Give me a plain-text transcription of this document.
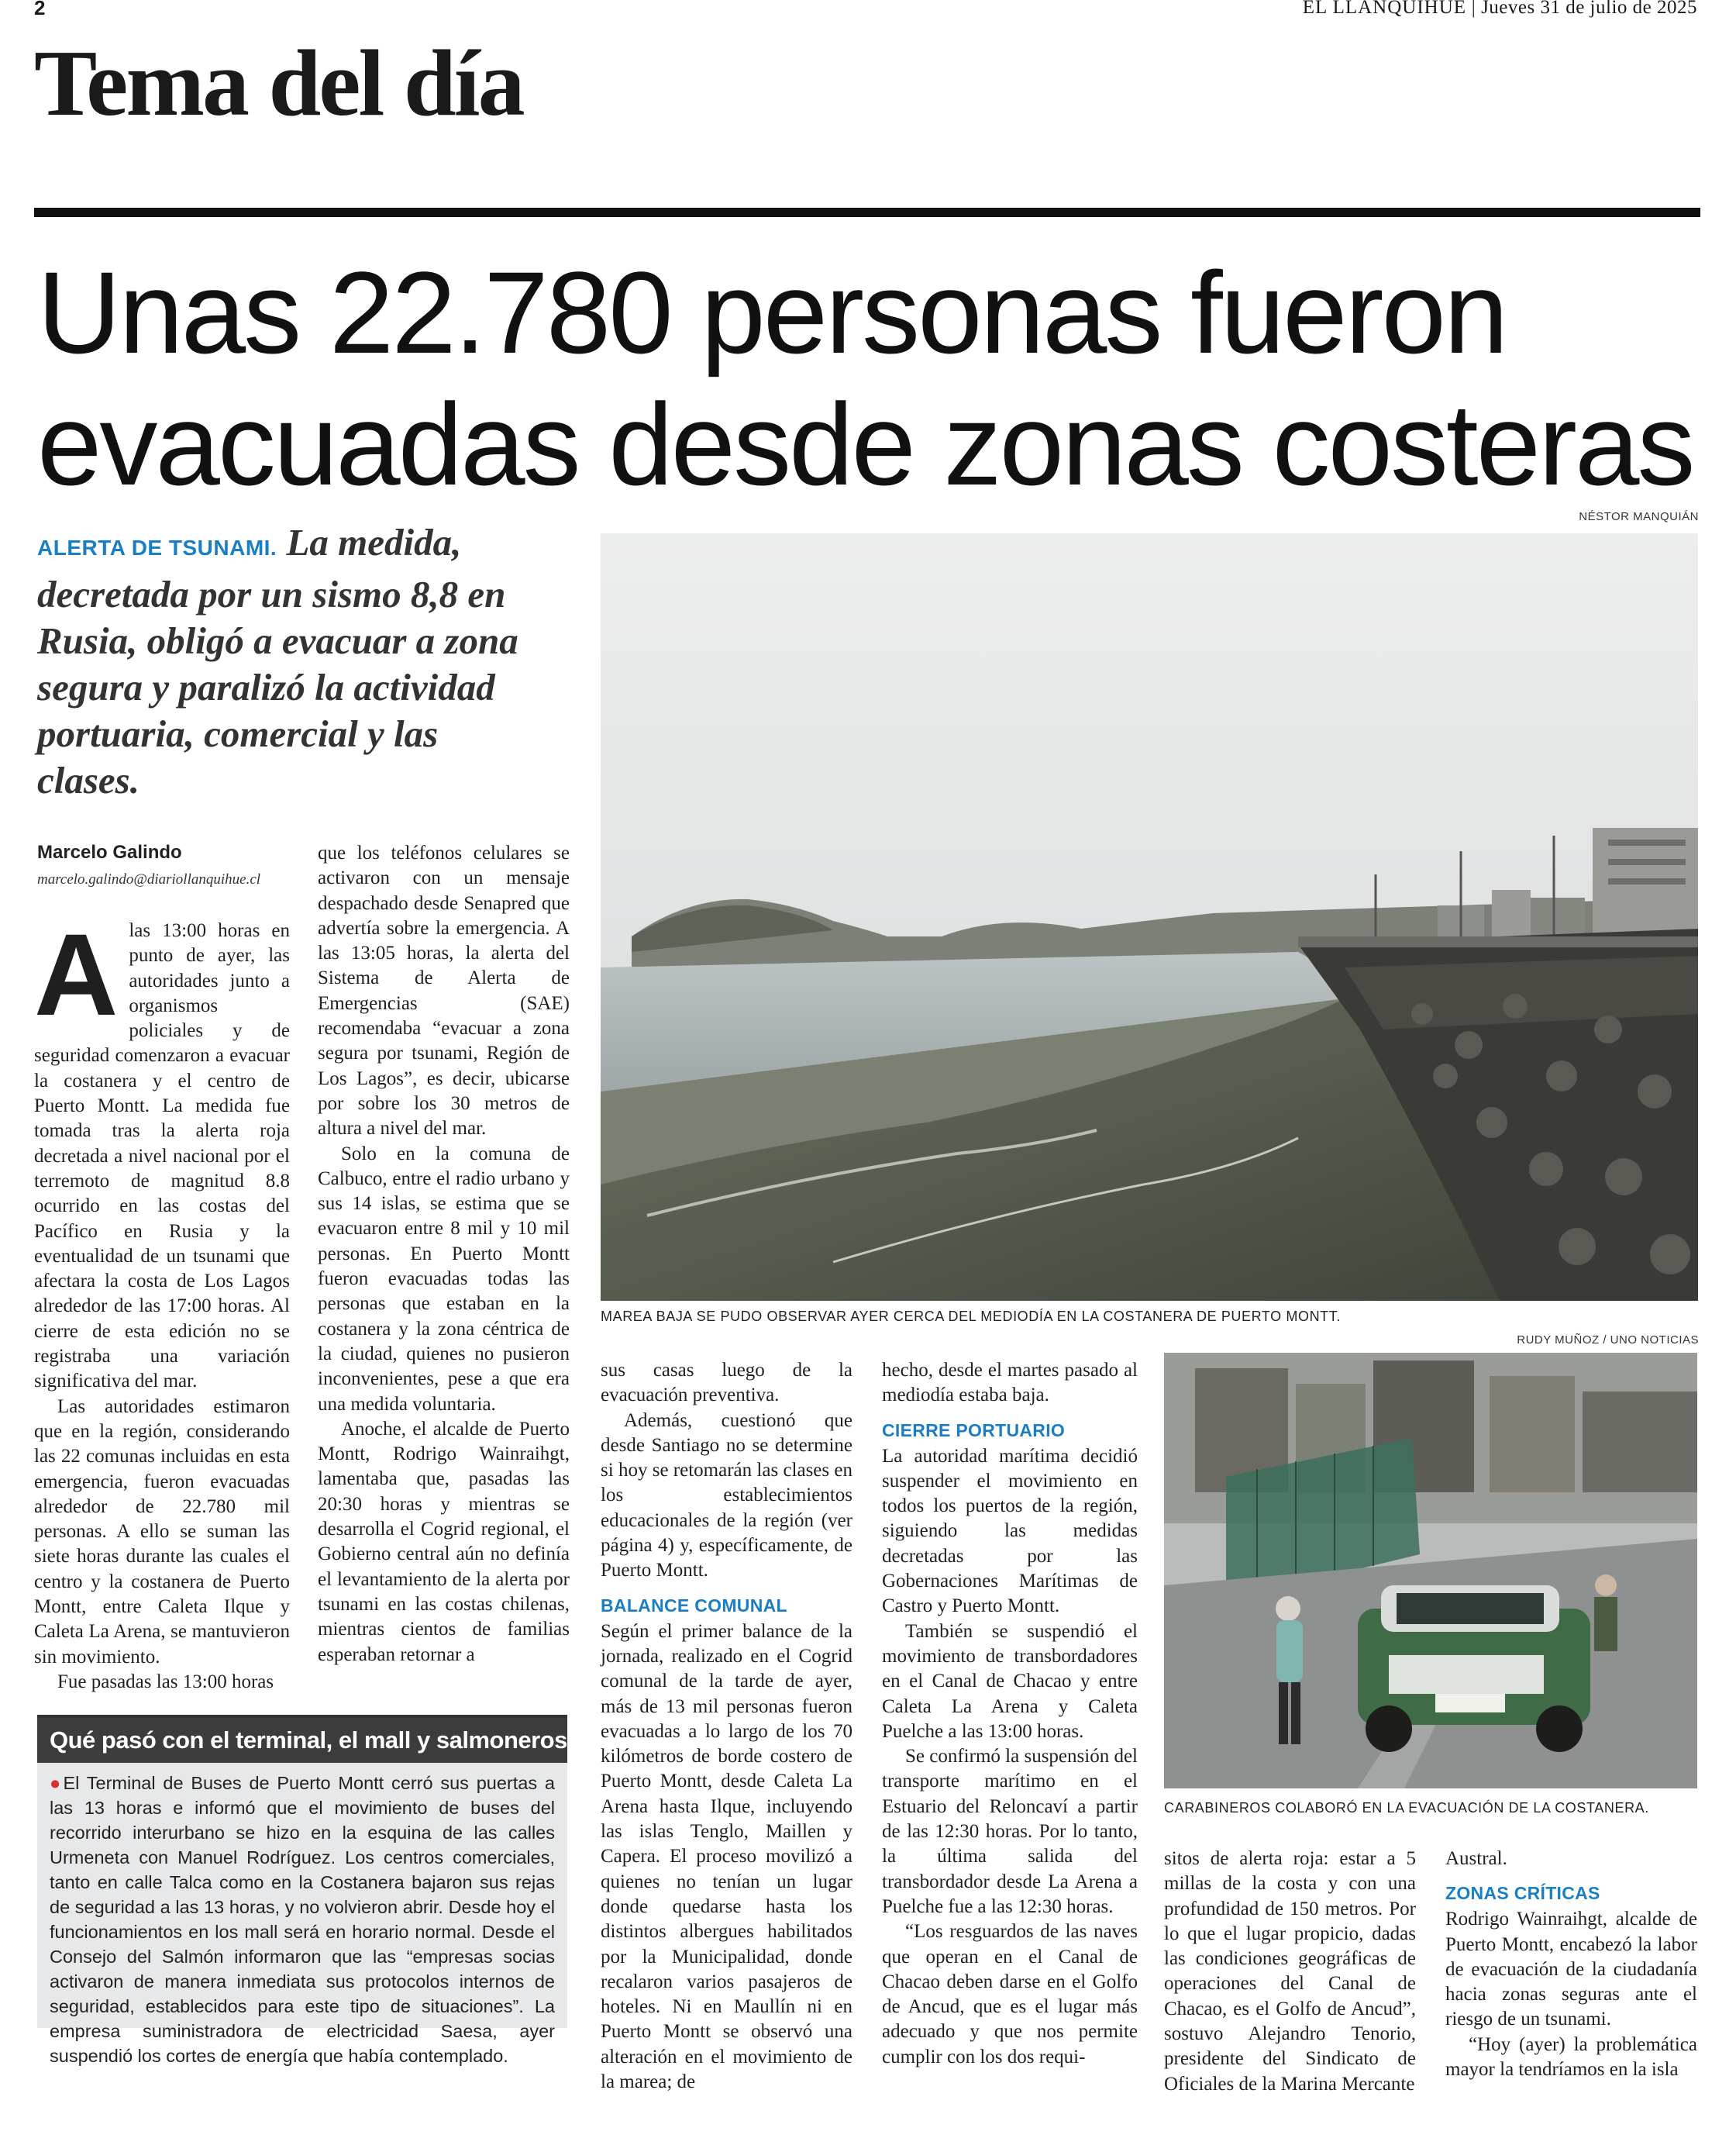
2	EL LLANQUIHUE | Jueves 31 de julio de 2025
Tema del día
Unas 22.780 personas fueron
evacuadas desde zonas costeras
ALERTA DE TSUNAMI. La medida, decretada por un sismo 8,8 en Rusia, obligó a evacuar a zona segura y paralizó la actividad portuaria, comercial y las clases.
Marcelo Galindo
marcelo.galindo@diariollanquihue.cl
NÉSTOR MANQUIÁN
MAREA BAJA SE PUDO OBSERVAR AYER CERCA DEL MEDIODÍA EN LA COSTANERA DE PUERTO MONTT.
RUDY MUÑOZ / UNO NOTICIAS
CARABINEROS COLABORÓ EN LA EVACUACIÓN DE LA COSTANERA.

Alas 13:00 horas en punto de ayer, las autoridades junto a organismos policiales y de seguridad comenzaron a evacuar la costanera y el centro de Puerto Montt. La medida fue tomada tras la alerta roja decretada a nivel nacional por el terremoto de magnitud 8.8 ocurrido en las costas del Pacífico en Rusia y la eventualidad de un tsunami que afectara la costa de Los Lagos alrededor de las 17:00 horas. Al cierre de esta edición no se registraba una variación significativa del mar.

Las autoridades estimaron que en la región, considerando las 22 comunas incluidas en esta emergencia, fueron evacuadas alrededor de 22.780 mil personas. A ello se suman las siete horas durante las cuales el centro y la costanera de Puerto Montt, entre Caleta Ilque y Caleta La Arena, se mantuvieron sin movimiento.

Fue pasadas las 13:00 horas

que los teléfonos celulares se activaron con un mensaje despachado desde Senapred que advertía sobre la emergencia. A las 13:05 horas, la alerta del Sistema de Alerta de Emergencias (SAE) recomendaba “evacuar a zona segura por tsunami, Región de Los Lagos”, es decir, ubicarse por sobre los 30 metros de altura a nivel del mar.

Solo en la comuna de Calbuco, entre el radio urbano y sus 14 islas, se estima que se evacuaron entre 8 mil y 10 mil personas. En Puerto Montt fueron evacuadas todas las personas que estaban en la costanera y la zona céntrica de la ciudad, quienes no pusieron inconvenientes, pese a que era una medida voluntaria.

Anoche, el alcalde de Puerto Montt, Rodrigo Wainraihgt, lamentaba que, pasadas las 20:30 horas y mientras se desarrolla el Cogrid regional, el Gobierno central aún no definía el levantamiento de la alerta por tsunami en las costas chilenas, mientras cientos de familias esperaban retornar a

sus casas luego de la evacuación preventiva.

Además, cuestionó que desde Santiago no se determine si hoy se retomarán las clases en los establecimientos educacionales de la región (ver página 4) y, específicamente, de Puerto Montt.

BALANCE COMUNAL

Según el primer balance de la jornada, realizado en el Cogrid comunal de la tarde de ayer, más de 13 mil personas fueron evacuadas a lo largo de los 70 kilómetros de borde costero de Puerto Montt, desde Caleta La Arena hasta Ilque, incluyendo las islas Tenglo, Maillen y Capera. El proceso movilizó a quienes no tenían un lugar donde quedarse hasta los distintos albergues habilitados por la Municipalidad, donde recalaron varios pasajeros de hoteles. Ni en Maullín ni en Puerto Montt se observó una alteración en el movimiento de la marea; de

hecho, desde el martes pasado al mediodía estaba baja.

CIERRE PORTUARIO

La autoridad marítima decidió suspender el movimiento en todos los puertos de la región, siguiendo las medidas decretadas por las Gobernaciones Marítimas de Castro y Puerto Montt.

También se suspendió el movimiento de transbordadores en el Canal de Chacao y entre Caleta La Arena y Caleta Puelche a las 13:00 horas.

Se confirmó la suspensión del transporte marítimo en el Estuario del Reloncaví a partir de las 12:30 horas. Por lo tanto, la última salida del transbordador desde La Arena a Puelche fue a las 12:30 horas.

“Los resguardos de las naves que operan en el Canal de Chacao deben darse en el Golfo de Ancud, que es el lugar más adecuado y que nos permite cumplir con los dos requi-

sitos de alerta roja: estar a 5 millas de la costa y con una profundidad de 150 metros. Por lo que el lugar propicio, dadas las condiciones geográficas de operaciones del Canal de Chacao, es el Golfo de Ancud”, sostuvo Alejandro Tenorio, presidente del Sindicato de Oficiales de la Marina Mercante

Austral.

ZONAS CRÍTICAS

Rodrigo Wainraihgt, alcalde de Puerto Montt, encabezó la labor de evacuación de la ciudadanía hacia zonas seguras ante el riesgo de un tsunami.

“Hoy (ayer) la problemática mayor la tendríamos en la isla

Qué pasó con el terminal, el mall y salmoneros
●El Terminal de Buses de Puerto Montt cerró sus puertas a las 13 horas e informó que el movimiento de buses del recorrido interurbano se hizo en la esquina de las calles Urmeneta con Manuel Rodríguez. Los centros comerciales, tanto en calle Talca como en la Costanera bajaron sus rejas de seguridad a las 13 horas, y no volvieron abrir. Desde hoy el funcionamientos en los mall será en horario normal. Desde el Consejo del Salmón informaron que las “empresas socias activaron de manera inmediata sus protocolos internos de seguridad, establecidos para este tipo de situaciones”. La empresa suministradora de electricidad Saesa, ayer suspendió los cortes de energía que había contemplado.
